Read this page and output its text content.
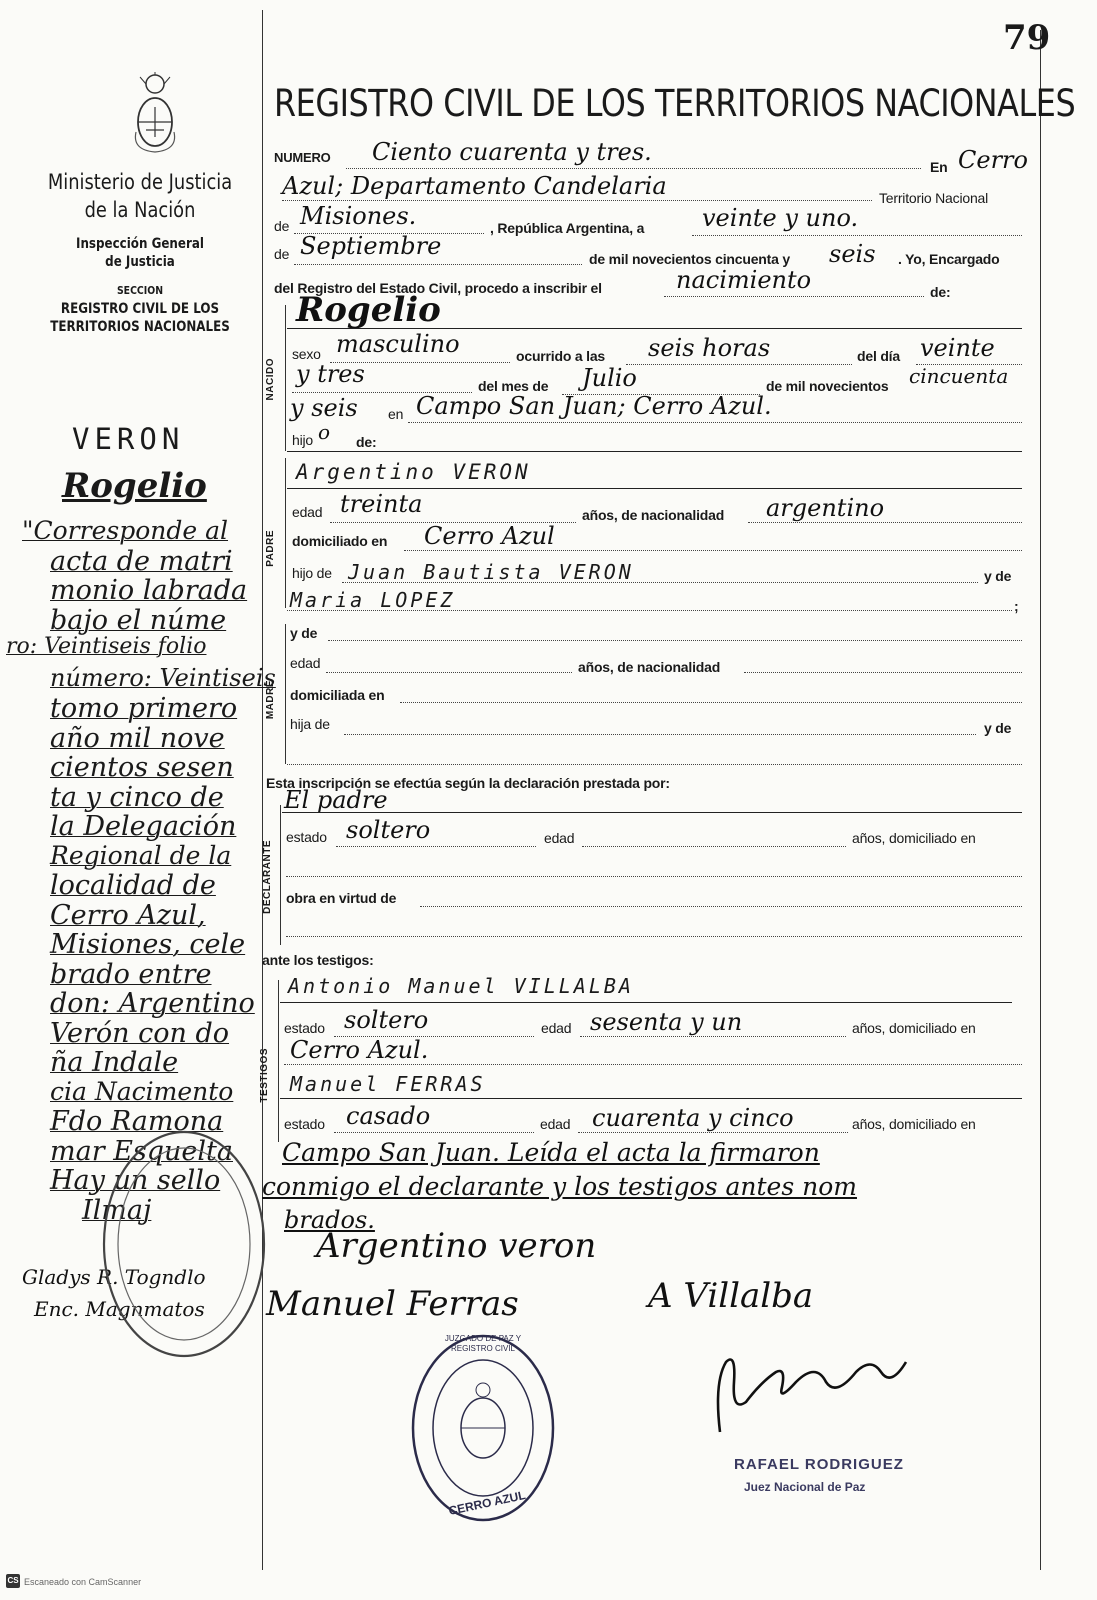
79
Ministerio de Justicia
de la Nación
Inspección General
de Justicia
SECCION
REGISTRO CIVIL DE LOS
TERRITORIOS NACIONALES
VERON
Rogelio
"Corresponde al
acta de matri
monio labrada
bajo el núme
ro: Veintiseis folio
número: Veintiseis
tomo primero
año mil nove
cientos sesen
ta y cinco de
la Delegación
Regional de la
localidad de
Cerro Azul,
Misiones, cele
brado entre
don: Argentino
Verón con do
ña Indale
cia Nacimento
Fdo Ramona
mar Esquelta
Hay un sello
Ilmaj
Gladys R. Togndlo
Enc. Magnmatos
REGISTRO CIVIL DE LOS TERRITORIOS NACIONALES
NUMERO Ciento cuarenta y tres.
En Cerro
Azul; Departamento Candelaria	Territorio Nacional
de Misiones.	, República Argentina, a veinte y uno.
de Septiembre	de mil novecientos cincuenta y seis . Yo, Encargado
del Registro del Estado Civil, procedo a inscribir el	nacimiento	de:
Rogelio
NACIDO
sexo masculino	ocurrido a las seis horas	del día veinte
y tres	del mes de Julio	de mil novecientos cincuenta
y seis en Campo San Juan; Cerro Azul.
hijo o de:
Argentino VERON
PADRE
edad treinta	años, de nacionalidad argentino
domiciliado en Cerro Azul
hijo de Juan Bautista VERON	y de
Maria LOPEZ	;
MADRE
y de
edad	años, de nacionalidad
domiciliada en
hija de	y de
Esta inscripción se efectúa según la declaración prestada por:
El padre
DECLARANTE
estado soltero	edad	años, domiciliado en
obra en virtud de
ante los testigos:
Antonio Manuel VILLALBA
TESTIGOS
estado soltero	edad sesenta y un	años, domiciliado en
Cerro Azul.
Manuel FERRAS
estado casado	edad cuarenta y cinco	años, domiciliado en
Campo San Juan. Leída el acta la firmaron
conmigo el declarante y los testigos antes nom
brados.
Argentino veron
Manuel Ferras	A Villalba
JUZGADO DE PAZ Y REGISTRO CIVIL
CERRO AZUL
RAFAEL RODRIGUEZ
Juez Nacional de Paz
CS Escaneado con CamScanner
